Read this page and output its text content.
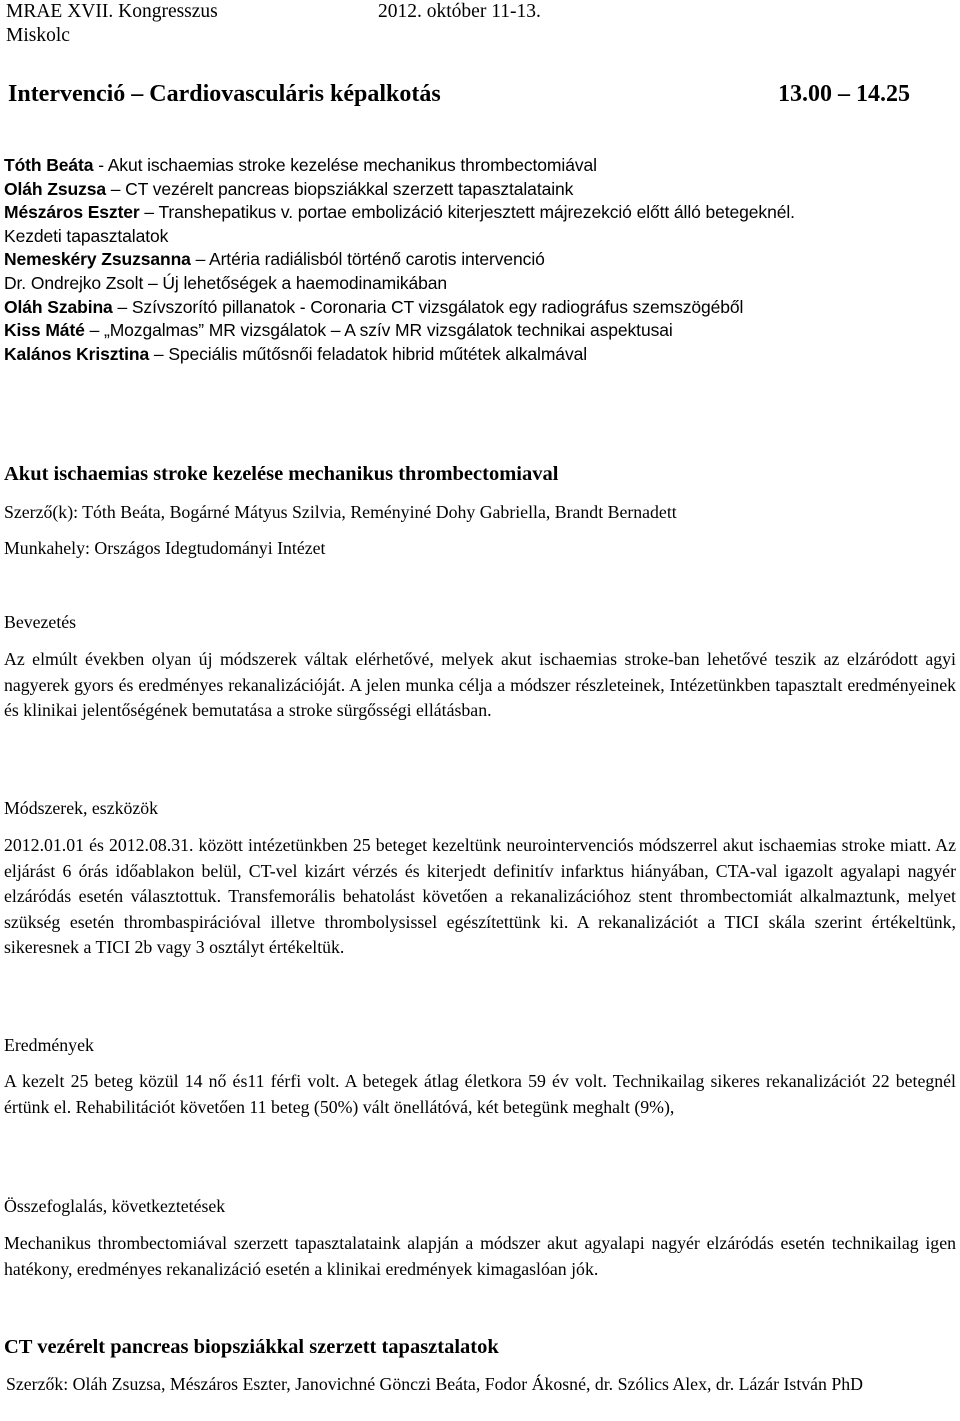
MRAE XVII. Kongresszus	2012. október 11-13.
Miskolc
Intervenció – Cardiovasculáris képalkotás	13.00 – 14.25
Tóth Beáta - Akut ischaemias stroke kezelése mechanikus thrombectomiával
Oláh Zsuzsa – CT vezérelt pancreas biopsziákkal szerzett tapasztalataink
Mészáros Eszter – Transhepatikus v. portae embolizáció kiterjesztett májrezekció előtt álló betegeknél.
Kezdeti tapasztalatok
Nemeskéry Zsuzsanna – Artéria radiálisból történő carotis intervenció
Dr. Ondrejko Zsolt – Új lehetőségek a haemodinamikában
Oláh Szabina – Szívszorító pillanatok - Coronaria CT vizsgálatok egy radiográfus szemszögéből
Kiss Máté – „Mozgalmas” MR vizsgálatok – A szív MR vizsgálatok technikai aspektusai
Kalános Krisztina – Speciális műtősnői feladatok hibrid műtétek alkalmával
Akut ischaemias stroke kezelése mechanikus thrombectomiaval
Szerző(k): Tóth Beáta, Bogárné Mátyus Szilvia, Reményiné Dohy Gabriella, Brandt Bernadett
Munkahely: Országos Idegtudományi Intézet
Bevezetés
Az elmúlt években olyan új módszerek váltak elérhetővé, melyek akut ischaemias stroke-ban lehetővé teszik az elzáródott agyi nagyerek gyors és eredményes rekanalizációját. A jelen munka célja a módszer részleteinek, Intézetünkben tapasztalt eredményeinek és klinikai jelentőségének bemutatása a stroke sürgősségi ellátásban.
Módszerek, eszközök
2012.01.01 és 2012.08.31. között intézetünkben 25 beteget kezeltünk neurointervenciós módszerrel akut ischaemias stroke miatt. Az eljárást 6 órás időablakon belül, CT-vel kizárt vérzés és kiterjedt definitív infarktus hiányában, CTA-val igazolt agyalapi nagyér elzáródás esetén választottuk. Transfemorális behatolást követően a rekanalizációhoz stent thrombectomiát alkalmaztunk, melyet szükség esetén thrombaspirációval illetve thrombolysissel egészítettünk ki. A rekanalizációt a TICI skála szerint értékeltünk, sikeresnek a TICI 2b vagy 3 osztályt értékeltük.
Eredmények
A kezelt 25 beteg közül 14 nő és11 férfi volt. A betegek átlag életkora 59 év volt. Technikailag sikeres rekanalizációt 22 betegnél értünk el. Rehabilitációt követően 11 beteg (50%) vált önellátóvá, két betegünk meghalt (9%),
Összefoglalás, következtetések
Mechanikus thrombectomiával szerzett tapasztalataink alapján a módszer akut agyalapi nagyér elzáródás esetén technikailag igen hatékony, eredményes rekanalizáció esetén a klinikai eredmények kimagaslóan jók.
CT vezérelt pancreas biopsziákkal szerzett tapasztalatok
Szerzők: Oláh Zsuzsa, Mészáros Eszter, Janovichné Gönczi Beáta, Fodor Ákosné, dr. Szólics Alex, dr. Lázár István PhD
